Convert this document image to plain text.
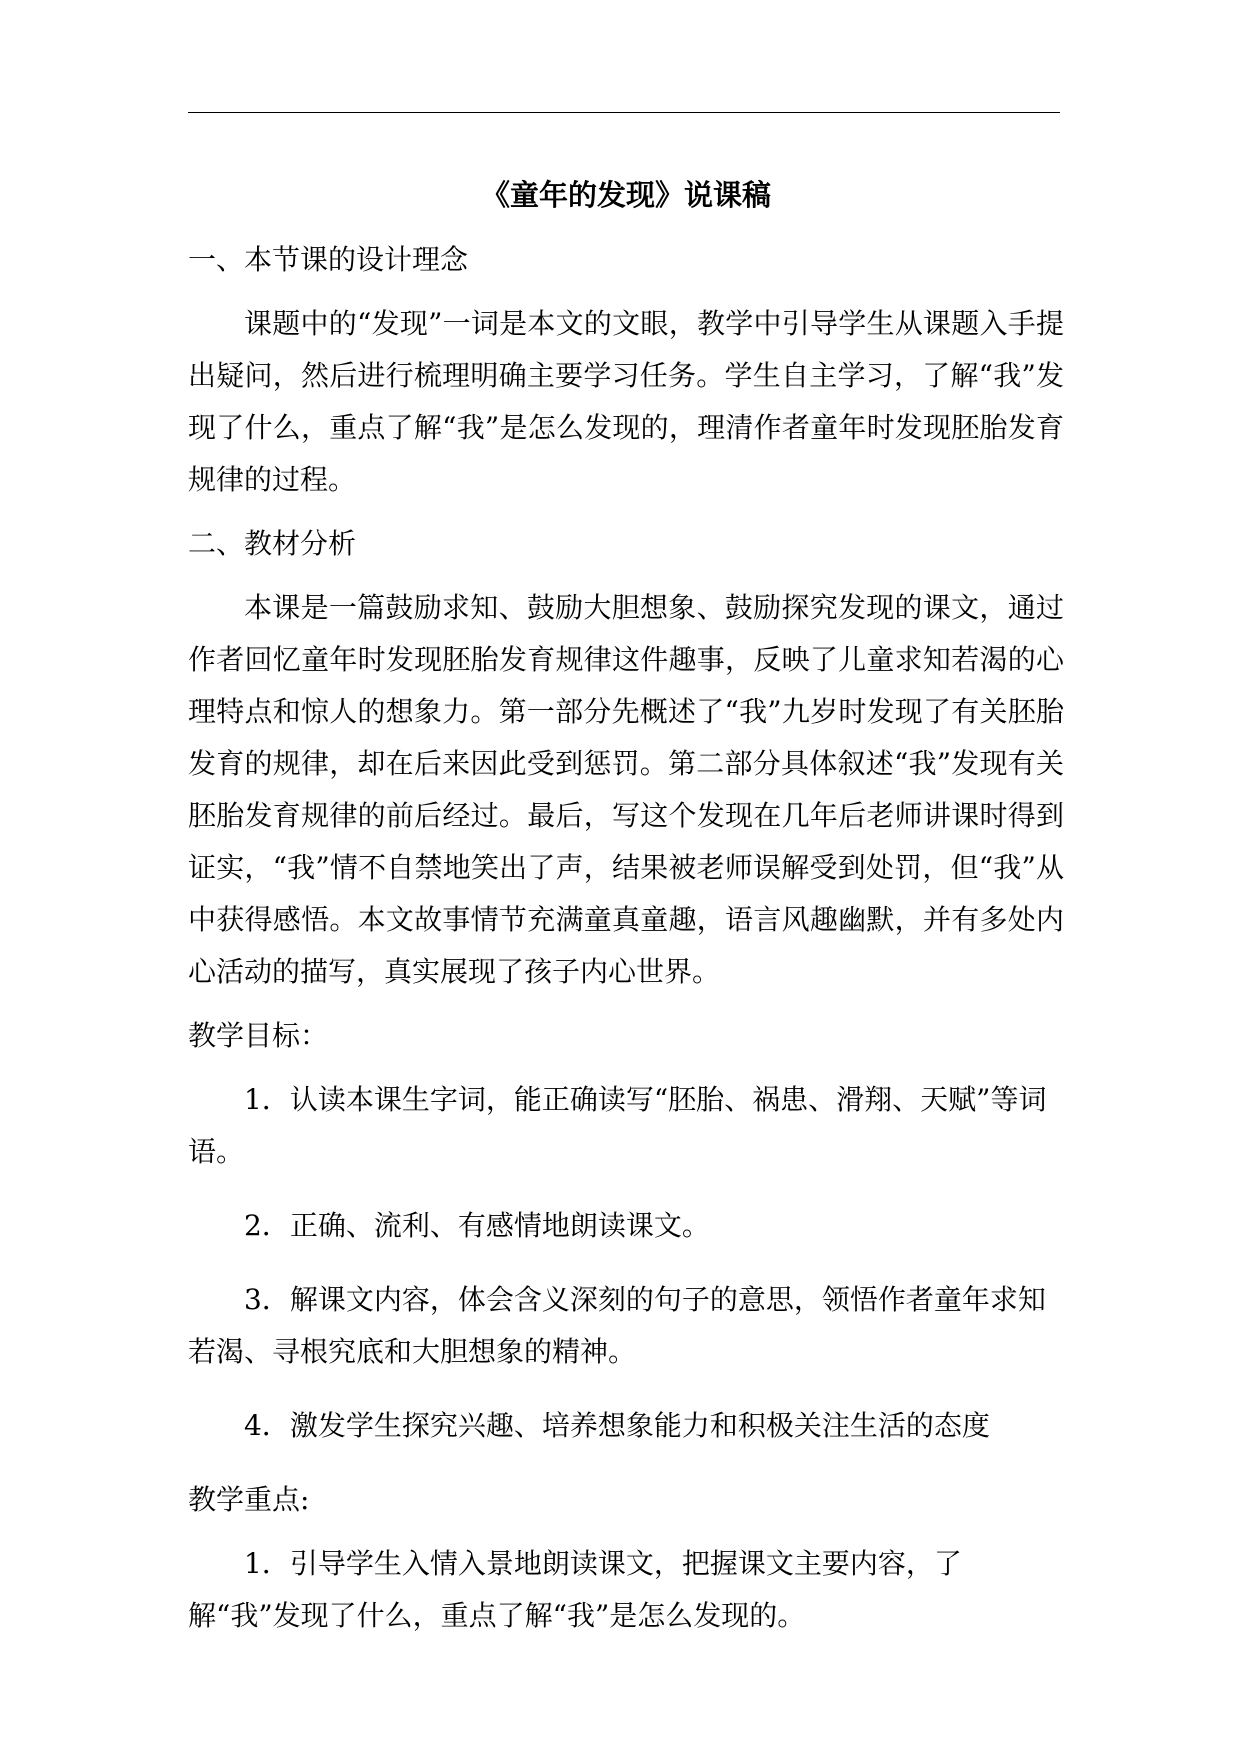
《童年的发现》说课稿
一、本节课的设计理念
课题中的“发现”一词是本文的文眼，教学中引导学生从课题入手提出疑问，然后进行梳理明确主要学习任务。学生自主学习，了解“我”发现了什么，重点了解“我”是怎么发现的，理清作者童年时发现胚胎发育规律的过程。
二、教材分析
本课是一篇鼓励求知、鼓励大胆想象、鼓励探究发现的课文，通过作者回忆童年时发现胚胎发育规律这件趣事，反映了儿童求知若渴的心理特点和惊人的想象力。第一部分先概述了“我”九岁时发现了有关胚胎发育的规律，却在后来因此受到惩罚。第二部分具体叙述“我”发现有关胚胎发育规律的前后经过。最后，写这个发现在几年后老师讲课时得到证实，“我”情不自禁地笑出了声，结果被老师误解受到处罚，但“我”从中获得感悟。本文故事情节充满童真童趣，语言风趣幽默，并有多处内心活动的描写，真实展现了孩子内心世界。
教学目标：
1．认读本课生字词，能正确读写“胚胎、祸患、滑翔、天赋”等词语。
2．正确、流利、有感情地朗读课文。
3．解课文内容，体会含义深刻的句子的意思，领悟作者童年求知若渴、寻根究底和大胆想象的精神。
4．激发学生探究兴趣、培养想象能力和积极关注生活的态度
教学重点:
1．引导学生入情入景地朗读课文，把握课文主要内容，了解“我”发现了什么，重点了解“我”是怎么发现的。
